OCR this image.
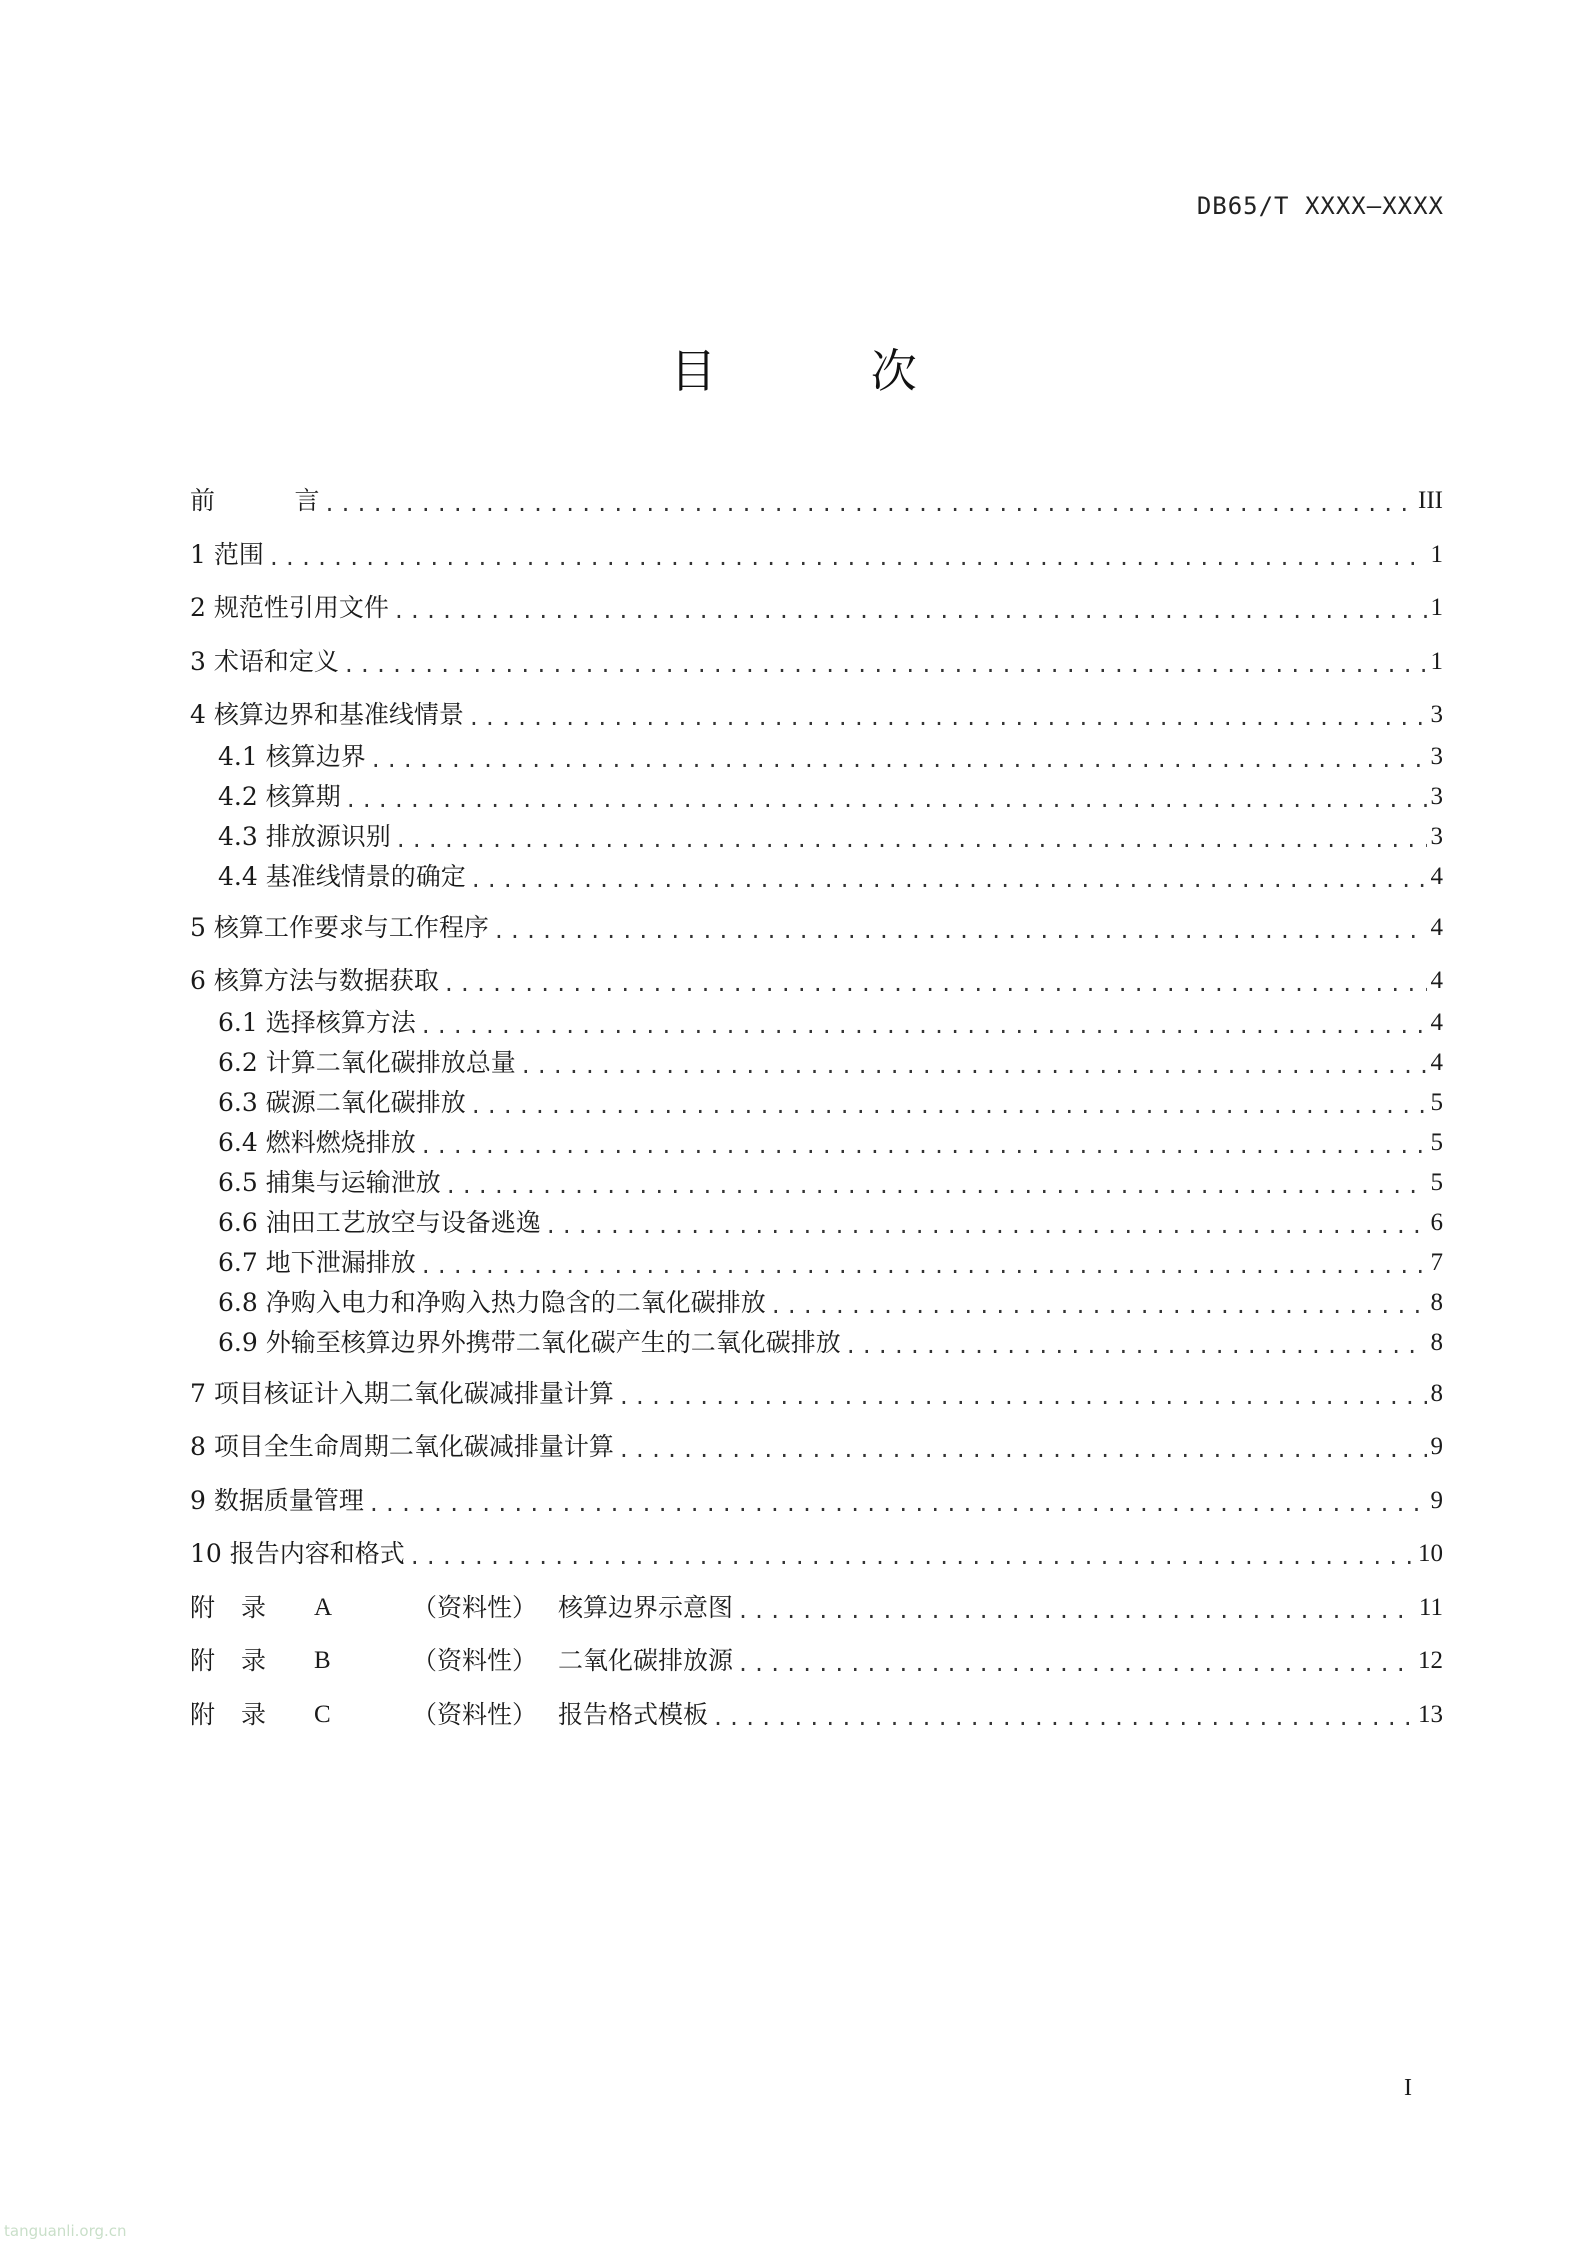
DB65/T XXXX—XXXX
目 次
前          言 .....	III
1 范围 .....	1
2 规范性引用文件 .....	1
3 术语和定义 .....	1
4 核算边界和基准线情景 .....	3
4.1 核算边界 .....	3
4.2 核算期 .....	3
4.3 排放源识别 .....	3
4.4 基准线情景的确定 .....	4
5 核算工作要求与工作程序 .....	4
6 核算方法与数据获取 .....	4
6.1 选择核算方法 .....	4
6.2 计算二氧化碳排放总量 .....	4
6.3 碳源二氧化碳排放 .....	5
6.4 燃料燃烧排放 .....	5
6.5 捕集与运输泄放 .....	5
6.6 油田工艺放空与设备逃逸 .....	6
6.7 地下泄漏排放 .....	7
6.8 净购入电力和净购入热力隐含的二氧化碳排放 .....	8
6.9 外输至核算边界外携带二氧化碳产生的二氧化碳排放 .....	8
7 项目核证计入期二氧化碳减排量计算 .....	8
8 项目全生命周期二氧化碳减排量计算 .....	9
9 数据质量管理 .....	9
10 报告内容和格式 .....	10
附录 A	（资料性） 核算边界示意图 .....	11
附录 B	（资料性） 二氧化碳排放源 .....	12
附录 C	（资料性） 报告格式模板 .....	13
I
tanguanli.org.cn
